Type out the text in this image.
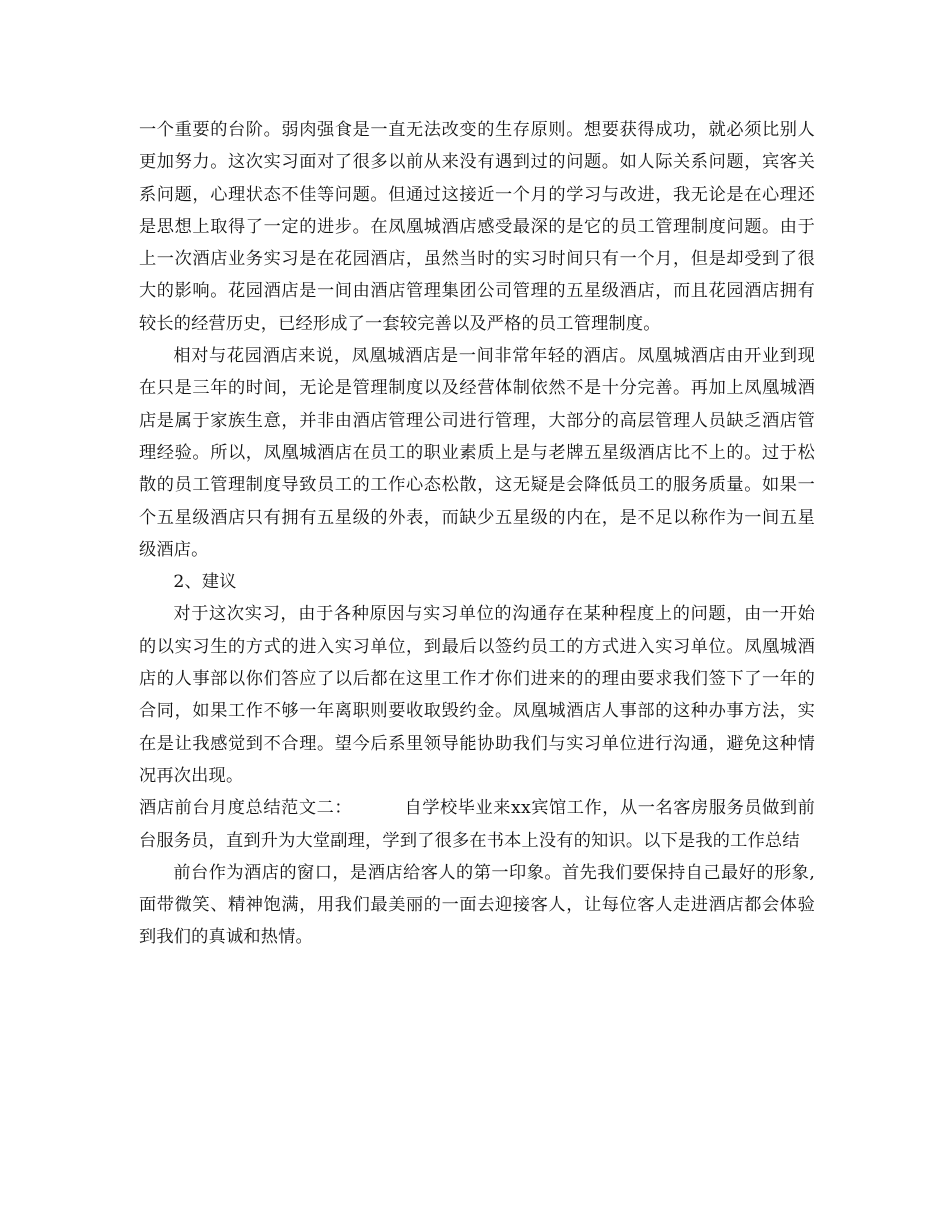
一个重要的台阶。弱肉强食是一直无法改变的生存原则。想要获得成功，就必须比别人更加努力。这次实习面对了很多以前从来没有遇到过的问题。如人际关系问题，宾客关系问题，心理状态不佳等问题。但通过这接近一个月的学习与改进，我无论是在心理还是思想上取得了一定的进步。在凤凰城酒店感受最深的是它的员工管理制度问题。由于上一次酒店业务实习是在花园酒店，虽然当时的实习时间只有一个月，但是却受到了很大的影响。花园酒店是一间由酒店管理集团公司管理的五星级酒店，而且花园酒店拥有较长的经营历史，已经形成了一套较完善以及严格的员工管理制度。

相对与花园酒店来说，凤凰城酒店是一间非常年轻的酒店。凤凰城酒店由开业到现在只是三年的时间，无论是管理制度以及经营体制依然不是十分完善。再加上凤凰城酒店是属于家族生意，并非由酒店管理公司进行管理，大部分的高层管理人员缺乏酒店管理经验。所以，凤凰城酒店在员工的职业素质上是与老牌五星级酒店比不上的。过于松散的员工管理制度导致员工的工作心态松散，这无疑是会降低员工的服务质量。如果一个五星级酒店只有拥有五星级的外表，而缺少五星级的内在，是不足以称作为一间五星级酒店。

2、建议

对于这次实习，由于各种原因与实习单位的沟通存在某种程度上的问题，由一开始的以实习生的方式的进入实习单位，到最后以签约员工的方式进入实习单位。凤凰城酒店的人事部以你们答应了以后都在这里工作才你们进来的的理由要求我们签下了一年的合同，如果工作不够一年离职则要收取毁约金。凤凰城酒店人事部的这种办事方法，实在是让我感觉到不合理。望今后系里领导能协助我们与实习单位进行沟通，避免这种情况再次出现。

酒店前台月度总结范文二：	自学校毕业来xx宾馆工作，从一名客房服务员做到前台服务员，直到升为大堂副理，学到了很多在书本上没有的知识。以下是我的工作总结

前台作为酒店的窗口，是酒店给客人的第一印象。首先我们要保持自己最好的形象,面带微笑、精神饱满，用我们最美丽的一面去迎接客人，让每位客人走进酒店都会体验到我们的真诚和热情。
